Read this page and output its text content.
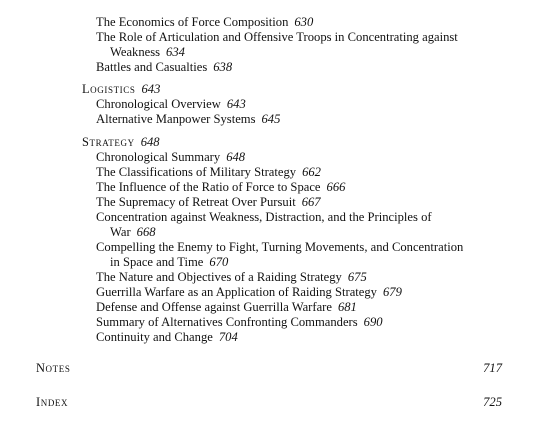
The Economics of Force Composition 630
The Role of Articulation and Offensive Troops in Concentrating against
Weakness 634
Battles and Casualties 638
Logistics 643
Chronological Overview 643
Alternative Manpower Systems 645
Strategy 648
Chronological Summary 648
The Classifications of Military Strategy 662
The Influence of the Ratio of Force to Space 666
The Supremacy of Retreat Over Pursuit 667
Concentration against Weakness, Distraction, and the Principles of
War 668
Compelling the Enemy to Fight, Turning Movements, and Concentration
in Space and Time 670
The Nature and Objectives of a Raiding Strategy 675
Guerrilla Warfare as an Application of Raiding Strategy 679
Defense and Offense against Guerrilla Warfare 681
Summary of Alternatives Confronting Commanders 690
Continuity and Change 704
Notes	717
Index	725
